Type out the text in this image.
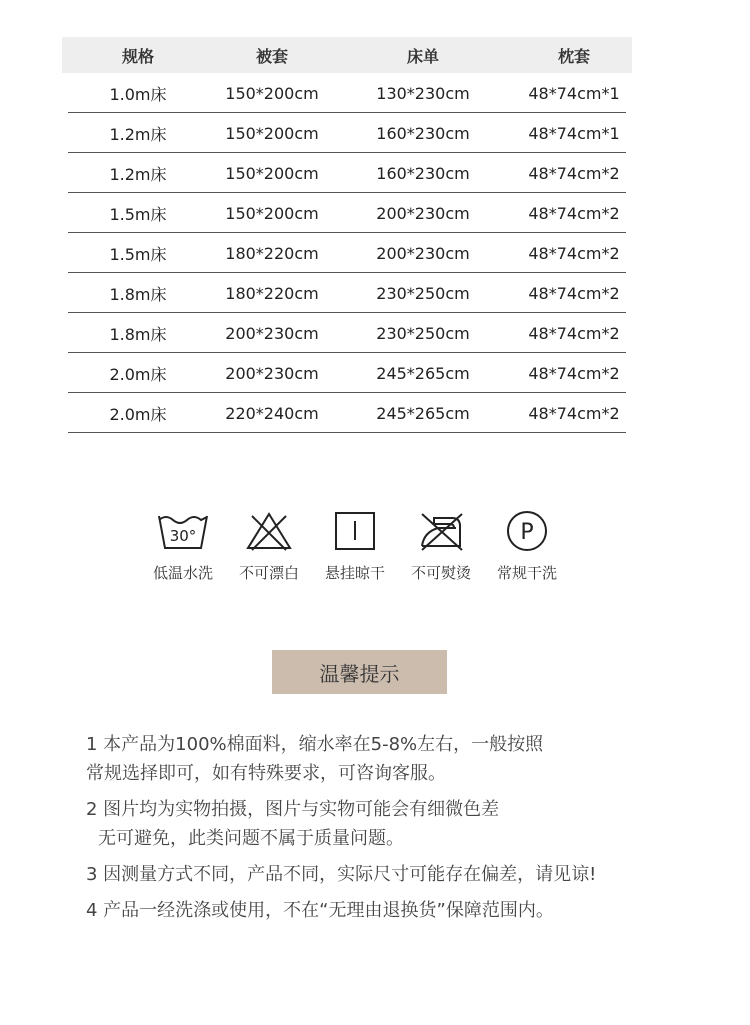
规格	被套	床单	枕套
1.0m床	150*200cm	130*230cm	48*74cm*1
1.2m床	150*200cm	160*230cm	48*74cm*1
1.2m床	150*200cm	160*230cm	48*74cm*2
1.5m床	150*200cm	200*230cm	48*74cm*2
1.5m床	180*220cm	200*230cm	48*74cm*2
1.8m床	180*220cm	230*250cm	48*74cm*2
1.8m床	200*230cm	230*250cm	48*74cm*2
2.0m床	200*230cm	245*265cm	48*74cm*2
2.0m床	220*240cm	245*265cm	48*74cm*2
30°
低温水洗 不可漂白 悬挂晾干 不可熨烫
P
常规干洗
温馨提示

1 本产品为100%棉面料，缩水率在5-8%左右，一般按照

常规选择即可，如有特殊要求，可咨询客服。

2 图片均为实物拍摄，图片与实物可能会有细微色差

无可避免，此类问题不属于质量问题。

3 因测量方式不同，产品不同，实际尺寸可能存在偏差，请见谅!

4 产品一经洗涤或使用，不在“无理由退换货”保障范围内。
